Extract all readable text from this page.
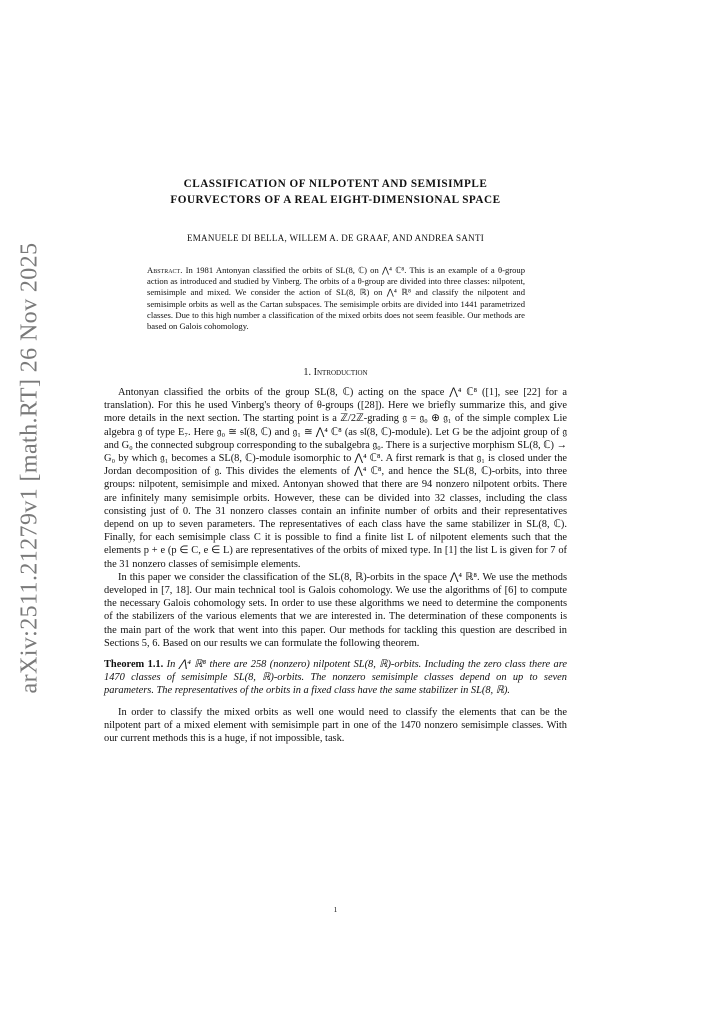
arXiv:2511.21279v1 [math.RT] 26 Nov 2025
CLASSIFICATION OF NILPOTENT AND SEMISIMPLE
FOURVECTORS OF A REAL EIGHT-DIMENSIONAL SPACE
EMANUELE DI BELLA, WILLEM A. DE GRAAF, AND ANDREA SANTI
Abstract. In 1981 Antonyan classified the orbits of SL(8, ℂ) on ⋀⁴ ℂ⁸. This is an example of a θ-group action as introduced and studied by Vinberg. The orbits of a θ-group are divided into three classes: nilpotent, semisimple and mixed. We consider the action of SL(8, ℝ) on ⋀⁴ ℝ⁸ and classify the nilpotent and semisimple orbits as well as the Cartan subspaces. The semisimple orbits are divided into 1441 parametrized classes. Due to this high number a classification of the mixed orbits does not seem feasible. Our methods are based on Galois cohomology.
1. Introduction

Antonyan classified the orbits of the group SL(8, ℂ) acting on the space ⋀⁴ ℂ⁸ ([1], see [22] for a translation). For this he used Vinberg's theory of θ-groups ([28]). Here we briefly summarize this, and give more details in the next section. The starting point is a ℤ/2ℤ-grading 𝔤 = 𝔤₀ ⊕ 𝔤₁ of the simple complex Lie algebra 𝔤 of type E₇. Here 𝔤₀ ≅ 𝔰𝔩(8, ℂ) and 𝔤₁ ≅ ⋀⁴ ℂ⁸ (as 𝔰𝔩(8, ℂ)-module). Let G be the adjoint group of 𝔤 and G₀ the connected subgroup corresponding to the subalgebra 𝔤₀. There is a surjective morphism SL(8, ℂ) → G₀ by which 𝔤₁ becomes a SL(8, ℂ)-module isomorphic to ⋀⁴ ℂ⁸. A first remark is that 𝔤₁ is closed under the Jordan decomposition of 𝔤. This divides the elements of ⋀⁴ ℂ⁸, and hence the SL(8, ℂ)-orbits, into three groups: nilpotent, semisimple and mixed. Antonyan showed that there are 94 nonzero nilpotent orbits. There are infinitely many semisimple orbits. However, these can be divided into 32 classes, including the class consisting just of 0. The 31 nonzero classes contain an infinite number of orbits and their representatives depend on up to seven parameters. The representatives of each class have the same stabilizer in SL(8, ℂ). Finally, for each semisimple class C it is possible to find a finite list L of nilpotent elements such that the elements p + e (p ∈ C, e ∈ L) are representatives of the orbits of mixed type. In [1] the list L is given for 7 of the 31 nonzero classes of semisimple elements.

In this paper we consider the classification of the SL(8, ℝ)-orbits in the space ⋀⁴ ℝ⁸. We use the methods developed in [7, 18]. Our main technical tool is Galois cohomology. We use the algorithms of [6] to compute the necessary Galois cohomology sets. In order to use these algorithms we need to determine the components of the stabilizers of the various elements that we are interested in. The determination of these components is the main part of the work that went into this paper. Our methods for tackling this question are described in Sections 5, 6. Based on our results we can formulate the following theorem.

Theorem 1.1. In ⋀⁴ ℝ⁸ there are 258 (nonzero) nilpotent SL(8, ℝ)-orbits. Including the zero class there are 1470 classes of semisimple SL(8, ℝ)-orbits. The nonzero semisimple classes depend on up to seven parameters. The representatives of the orbits in a fixed class have the same stabilizer in SL(8, ℝ).

In order to classify the mixed orbits as well one would need to classify the elements that can be the nilpotent part of a mixed element with semisimple part in one of the 1470 nonzero semisimple classes. With our current methods this is a huge, if not impossible, task.

1
